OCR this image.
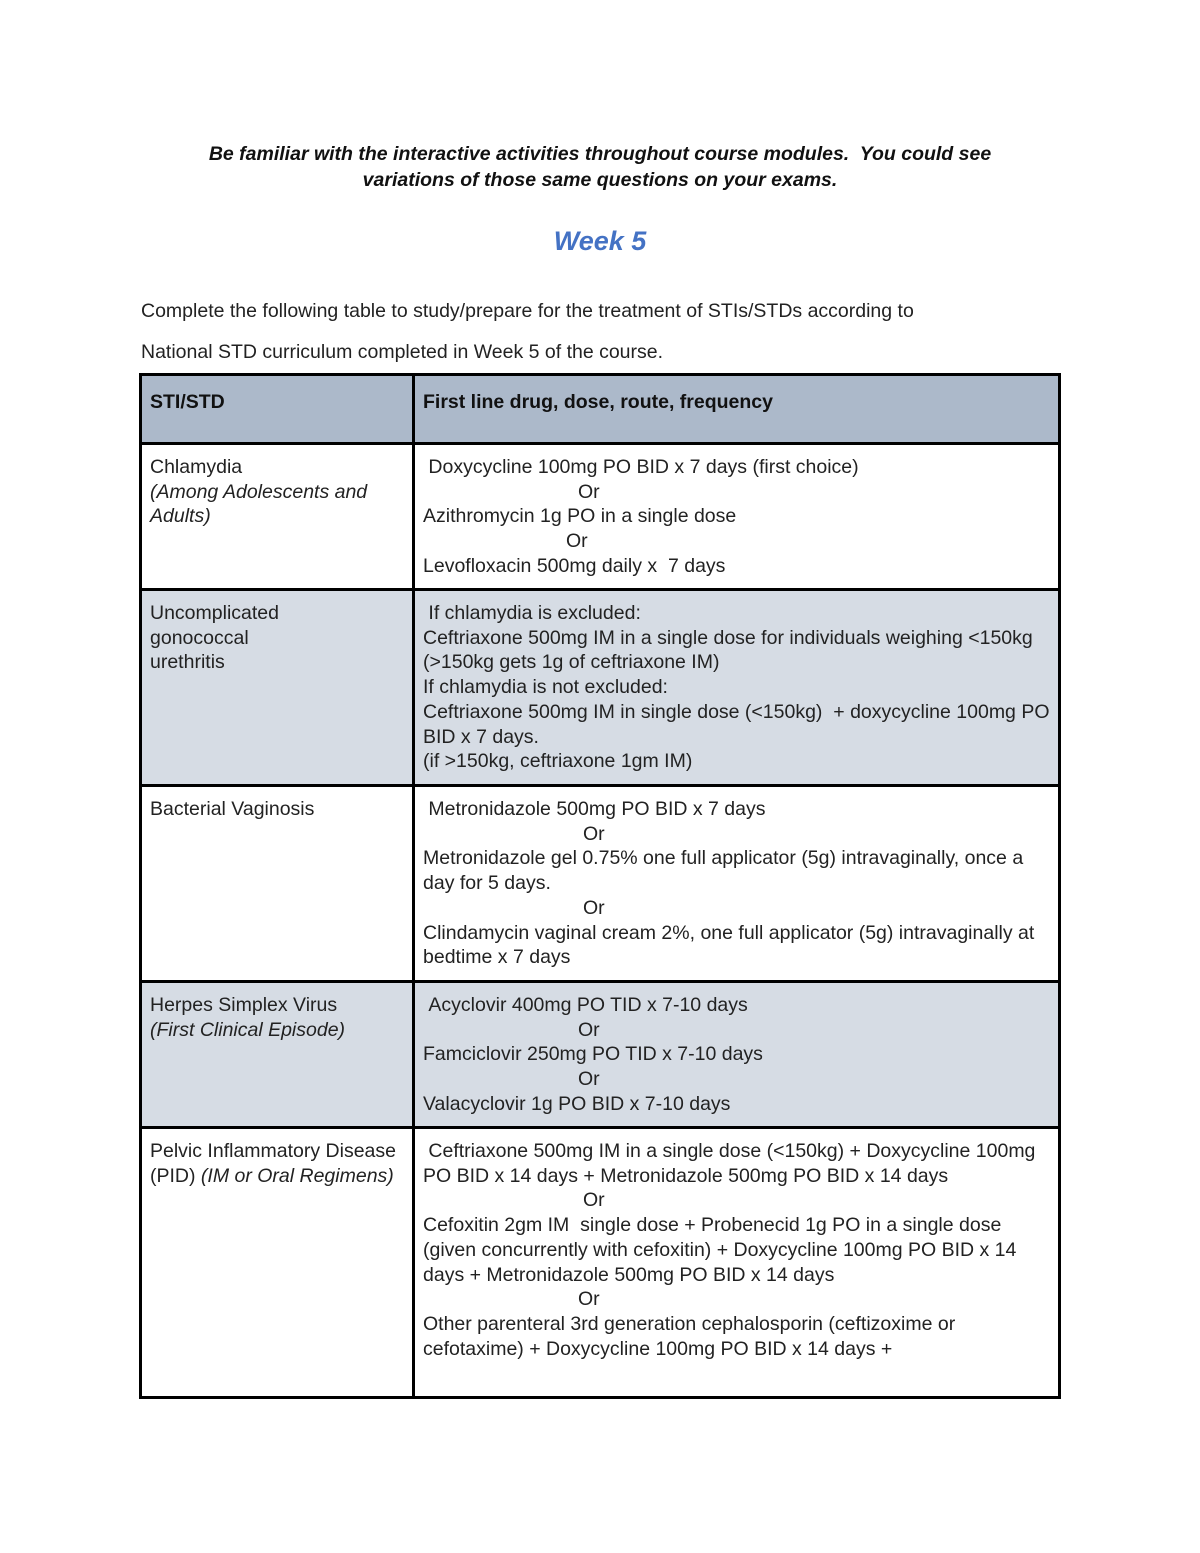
Be familiar with the interactive activities throughout course modules.  You could see
variations of those same questions on your exams.
Week 5
Complete the following table to study/prepare for the treatment of STIs/STDs according to
National STD curriculum completed in Week 5 of the course.
STI/STD	First line drug, dose, route, frequency

Chlamydia
(Among Adolescents and Adults)	Doxycycline 100mg PO BID x 7 days (first choice)
Or
Azithromycin 1g PO in a single dose
Or
Levofloxacin 500mg daily x  7 days

Uncomplicated gonococcal urethritis	If chlamydia is excluded:
Ceftriaxone 500mg IM in a single dose for individuals weighing <150kg (>150kg gets 1g of ceftriaxone IM)
If chlamydia is not excluded:
Ceftriaxone 500mg IM in single dose (<150kg)  + doxycycline 100mg PO BID x 7 days.
(if >150kg, ceftriaxone 1gm IM)

Bacterial Vaginosis	Metronidazole 500mg PO BID x 7 days
Or
Metronidazole gel 0.75% one full applicator (5g) intravaginally, once a day for 5 days.
Or
Clindamycin vaginal cream 2%, one full applicator (5g) intravaginally at bedtime x 7 days

Herpes Simplex Virus
(First Clinical Episode)	Acyclovir 400mg PO TID x 7-10 days
Or
Famciclovir 250mg PO TID x 7-10 days
Or
Valacyclovir 1g PO BID x 7-10 days

Pelvic Inflammatory Disease (PID) (IM or Oral Regimens)	Ceftriaxone 500mg IM in a single dose (<150kg) + Doxycycline 100mg PO BID x 14 days + Metronidazole 500mg PO BID x 14 days
Or
Cefoxitin 2gm IM  single dose + Probenecid 1g PO in a single dose (given concurrently with cefoxitin) + Doxycycline 100mg PO BID x 14 days + Metronidazole 500mg PO BID x 14 days
Or
Other parenteral 3rd generation cephalosporin (ceftizoxime or cefotaxime) + Doxycycline 100mg PO BID x 14 days +
